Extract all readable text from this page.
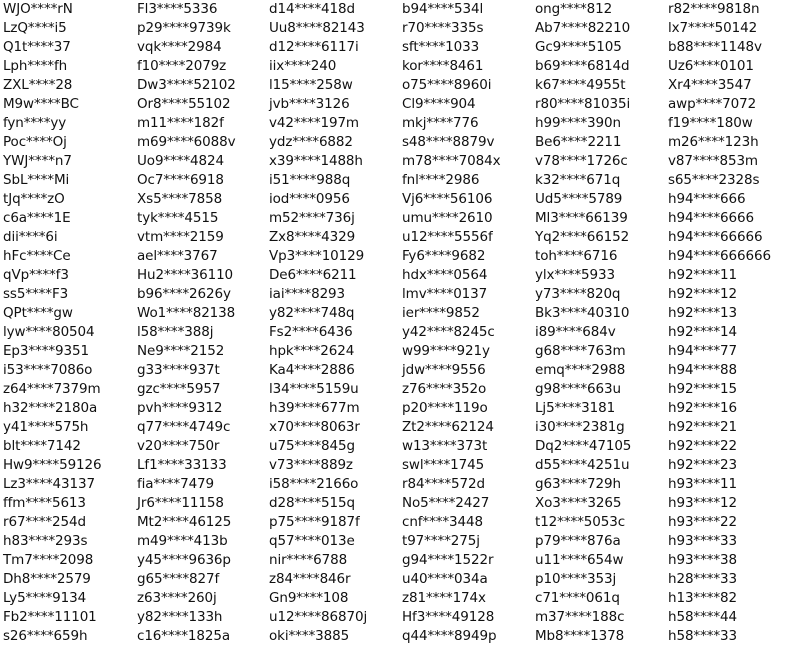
WJO****rN
LzQ****i5
Q1t****37
Lph****fh
ZXL****28
M9w****BC
fyn****yy
Poc****Oj
YWJ****n7
SbL****Mi
tJq****zO
c6a****1E
dii****6i
hFc****Ce
qVp****f3
ss5****F3
QPt****gw
lyw****80504
Ep3****9351
i53****7086o
z64****7379m
h32****2180a
y41****575h
blt****7142
Hw9****59126
Lz3****43137
ffm****5613
r67****254d
h83****293s
Tm7****2098
Dh8****2579
Ly5****9134
Fb2****11101
s26****659h
Fl3****5336
p29****9739k
vqk****2984
f10****2079z
Dw3****52102
Or8****55102
m11****182f
m69****6088v
Uo9****4824
Oc7****6918
Xs5****7858
tyk****4515
vtm****2159
ael****3767
Hu2****36110
b96****2626y
Wo1****82138
l58****388j
Ne9****2152
g33****937t
gzc****5957
pvh****9312
q77****4749c
v20****750r
Lf1****33133
fia****7479
Jr6****11158
Mt2****46125
m49****413b
y45****9636p
g65****827f
z63****260j
y82****133h
c16****1825a
d14****418d
Uu8****82143
d12****6117i
iix****240
l15****258w
jvb****3126
v42****197m
ydz****6882
x39****1488h
i51****988q
iod****0956
m52****736j
Zx8****4329
Vp3****10129
De6****6211
iai****8293
y82****748q
Fs2****6436
hpk****2624
Ka4****2886
l34****5159u
h39****677m
x70****8063r
u75****845g
v73****889z
i58****2166o
d28****515q
p75****9187f
q57****013e
nir****6788
z84****846r
Gn9****108
u12****86870j
oki****3885
b94****534l
r70****335s
sft****1033
kor****8461
o75****8960i
Cl9****904
mkj****776
s48****8879v
m78****7084x
fnl****2986
Vj6****56106
umu****2610
u12****5556f
Fy6****9682
hdx****0564
lmv****0137
ier****9852
y42****8245c
w99****921y
jdw****9556
z76****352o
p20****119o
Zt2****62124
w13****373t
swl****1745
r84****572d
No5****2427
cnf****3448
t97****275j
g94****1522r
u40****034a
z81****174x
Hf3****49128
q44****8949p
ong****812
Ab7****82210
Gc9****5105
b69****6814d
k67****4955t
r80****81035i
h99****390n
Be6****2211
v78****1726c
k32****671q
Ud5****5789
Ml3****66139
Yq2****66152
toh****6716
ylx****5933
y73****820q
Bk3****40310
i89****684v
g68****763m
emq****2988
g98****663u
Lj5****3181
i30****2381g
Dq2****47105
d55****4251u
g63****729h
Xo3****3265
t12****5053c
p79****876a
u11****654w
p10****353j
c71****061q
m37****188c
Mb8****1378
r82****9818n
lx7****50142
b88****1148v
Uz6****0101
Xr4****3547
awp****7072
f19****180w
m26****123h
v87****853m
s65****2328s
h94****666
h94****6666
h94****66666
h94****666666
h92****11
h92****12
h92****13
h92****14
h94****77
h94****88
h92****15
h92****16
h92****21
h92****22
h92****23
h93****11
h93****12
h93****22
h93****33
h93****38
h28****33
h13****82
h58****44
h58****33
